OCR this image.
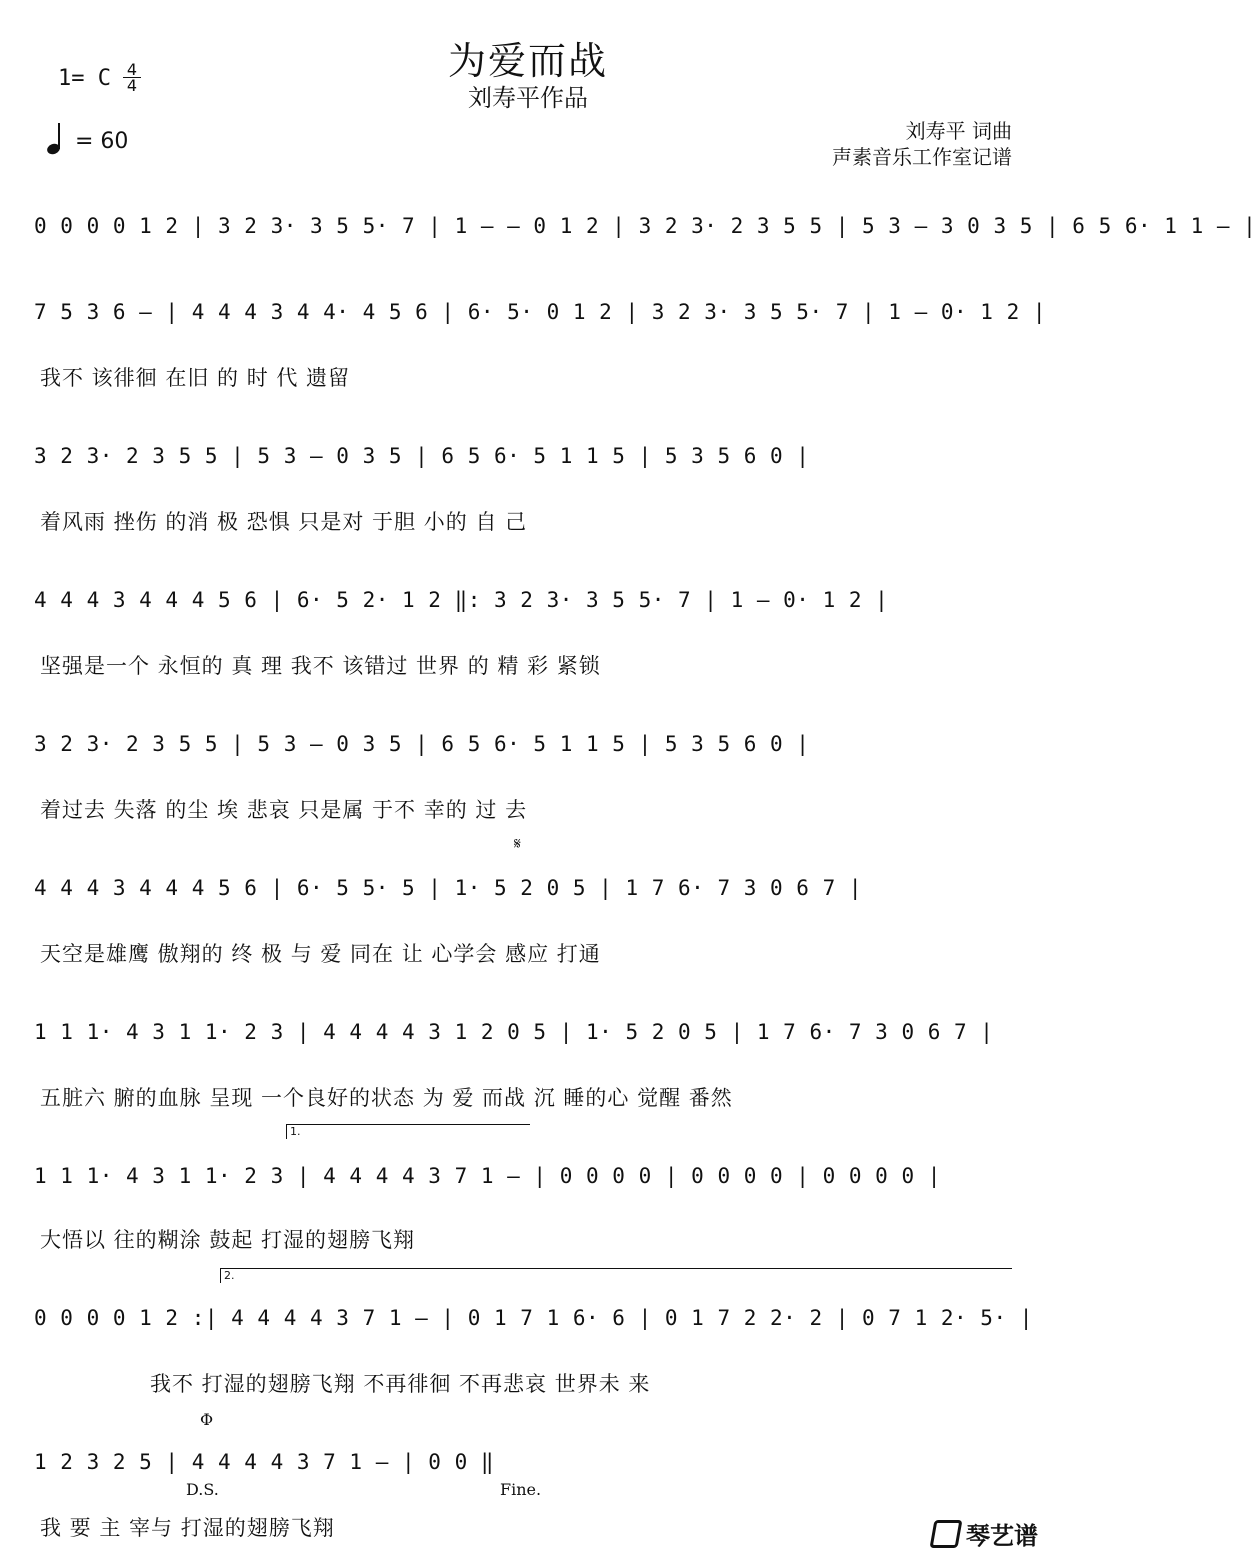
为爱而战
刘寿平作品
1= C 4
4
= 60	刘寿平 词曲
声素音乐工作室记谱
0 0 0 0 1 2 | 3 2 3· 3 5 5· 7 | 1 – – 0 1 2 | 3 2 3· 2 3 5 5 | 5 3 – 3 0 3 5 | 6 5 6· 1 1 – |
7 5 3 6 – | 4 4 4 3 4 4· 4 5 6 | 6· 5· 0 1 2 | 3 2 3· 3 5 5· 7 | 1 – 0· 1 2 |
我不 该徘徊 在旧 的 时 代 遗留
3 2 3· 2 3 5 5 | 5 3 – 0 3 5 | 6 5 6· 5 1 1 5 | 5 3 5 6 0 |
着风雨 挫伤 的消 极 恐惧 只是对 于胆 小的 自 己
4 4 4 3 4 4 4 5 6 | 6· 5 2· 1 2 ‖: 3 2 3· 3 5 5· 7 | 1 – 0· 1 2 |
坚强是一个 永恒的 真 理 我不 该错过 世界 的 精 彩 紧锁
3 2 3· 2 3 5 5 | 5 3 – 0 3 5 | 6 5 6· 5 1 1 5 | 5 3 5 6 0 |
着过去 失落 的尘 埃 悲哀 只是属 于不 幸的 过 去
𝄋
4 4 4 3 4 4 4 5 6 | 6· 5 5· 5 | 1· 5 2 0 5 | 1 7 6· 7 3 0 6 7 |
天空是雄鹰 傲翔的 终 极 与 爱 同在 让 心学会 感应 打通
1 1 1· 4 3 1 1· 2 3 | 4 4 4 4 3 1 2 0 5 | 1· 5 2 0 5 | 1 7 6· 7 3 0 6 7 |
五脏六 腑的血脉 呈现 一个良好的状态 为 爱 而战 沉 睡的心 觉醒 番然
1.
1 1 1· 4 3 1 1· 2 3 | 4 4 4 4 3 7 1 – | 0 0 0 0 | 0 0 0 0 | 0 0 0 0 |
大悟以 往的糊涂 鼓起 打湿的翅膀飞翔
2.
0 0 0 0 1 2 :| 4 4 4 4 3 7 1 – | 0 1 7 1 6· 6 | 0 1 7 2 2· 2 | 0 7 1 2· 5· |
我不 打湿的翅膀飞翔 不再徘徊 不再悲哀 世界未 来
Φ
1 2 3 2 5 | 4 4 4 4 3 7 1 – | 0 0 ‖
D.S.	Fine.
我 要 主 宰与 打湿的翅膀飞翔	琴艺谱
